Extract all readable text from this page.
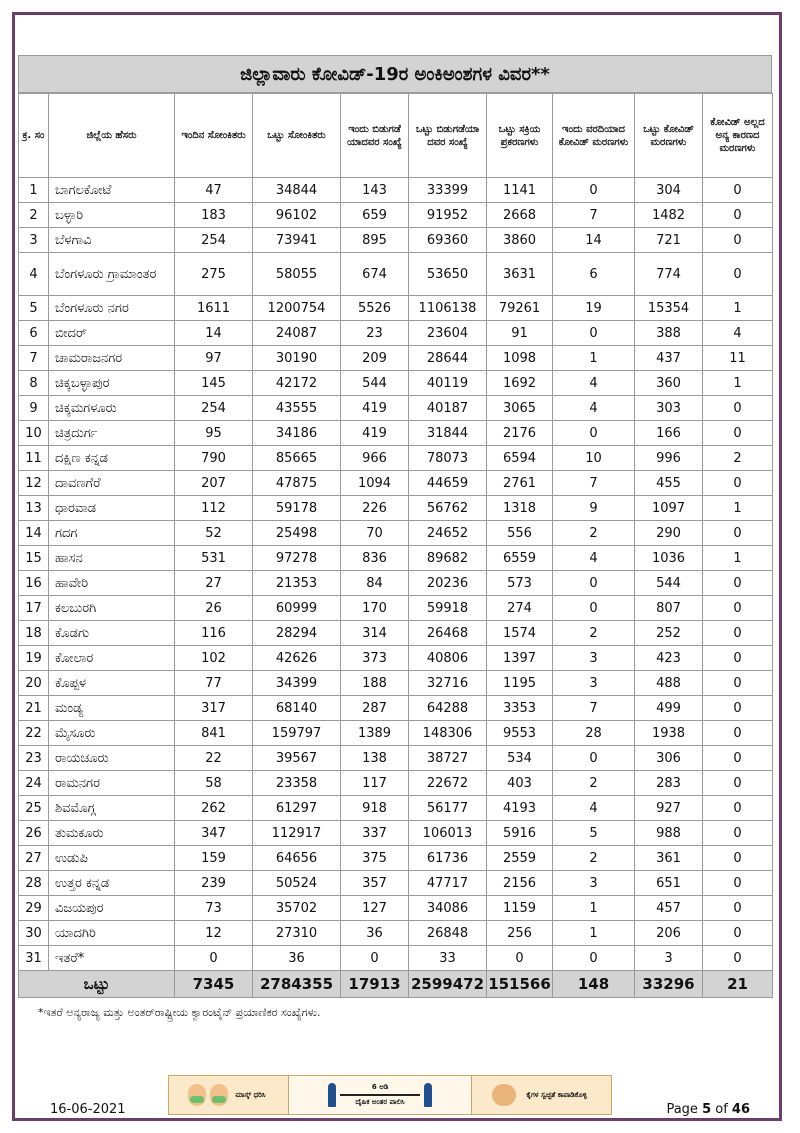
ಜಿಲ್ಲಾವಾರು ಕೋವಿಡ್-19ರ ಅಂಕಿಅಂಶಗಳ ವಿವರ**
ಕ್ರ. ಸಂ	ಜಿಲ್ಲೆಯ ಹೆಸರು	ಇಂದಿನ ಸೋಂಕಿತರು	ಒಟ್ಟು ಸೋಂಕಿತರು	ಇಂದು ಬಿಡುಗಡೆ ಯಾದವರ ಸಂಖ್ಯೆ	ಒಟ್ಟು ಬಿಡುಗಡೆಯಾ ದವರ ಸಂಖ್ಯೆ	ಒಟ್ಟು ಸಕ್ರಿಯ ಪ್ರಕರಣಗಳು	ಇಂದು ವರದಿಯಾದ ಕೋವಿಡ್ ಮರಣಗಳು	ಒಟ್ಟು ಕೋವಿಡ್ ಮರಣಗಳು	ಕೋವಿಡ್ ಅಲ್ಲದ ಅನ್ಯ ಕಾರಣದ ಮರಣಗಳು
1	ಬಾಗಲಕೋಟೆ	47	34844	143	33399	1141	0	304	0
2	ಬಳ್ಳಾರಿ	183	96102	659	91952	2668	7	1482	0
3	ಬೆಳಗಾವಿ	254	73941	895	69360	3860	14	721	0
4	ಬೆಂಗಳೂರು ಗ್ರಾಮಾಂತರ	275	58055	674	53650	3631	6	774	0
5	ಬೆಂಗಳೂರು ನಗರ	1611	1200754	5526	1106138	79261	19	15354	1
6	ಬೀದರ್	14	24087	23	23604	91	0	388	4
7	ಚಾಮರಾಜನಗರ	97	30190	209	28644	1098	1	437	11
8	ಚಿಕ್ಕಬಳ್ಳಾಪುರ	145	42172	544	40119	1692	4	360	1
9	ಚಿಕ್ಕಮಗಳೂರು	254	43555	419	40187	3065	4	303	0
10	ಚಿತ್ರದುರ್ಗ	95	34186	419	31844	2176	0	166	0
11	ದಕ್ಷಿಣ ಕನ್ನಡ	790	85665	966	78073	6594	10	996	2
12	ದಾವಣಗೆರೆ	207	47875	1094	44659	2761	7	455	0
13	ಧಾರವಾಡ	112	59178	226	56762	1318	9	1097	1
14	ಗದಗ	52	25498	70	24652	556	2	290	0
15	ಹಾಸನ	531	97278	836	89682	6559	4	1036	1
16	ಹಾವೇರಿ	27	21353	84	20236	573	0	544	0
17	ಕಲಬುರಗಿ	26	60999	170	59918	274	0	807	0
18	ಕೊಡಗು	116	28294	314	26468	1574	2	252	0
19	ಕೋಲಾರ	102	42626	373	40806	1397	3	423	0
20	ಕೊಪ್ಪಳ	77	34399	188	32716	1195	3	488	0
21	ಮಂಡ್ಯ	317	68140	287	64288	3353	7	499	0
22	ಮೈಸೂರು	841	159797	1389	148306	9553	28	1938	0
23	ರಾಯಚೂರು	22	39567	138	38727	534	0	306	0
24	ರಾಮನಗರ	58	23358	117	22672	403	2	283	0
25	ಶಿವಮೊಗ್ಗ	262	61297	918	56177	4193	4	927	0
26	ತುಮಕೂರು	347	112917	337	106013	5916	5	988	0
27	ಉಡುಪಿ	159	64656	375	61736	2559	2	361	0
28	ಉತ್ತರ ಕನ್ನಡ	239	50524	357	47717	2156	3	651	0
29	ವಿಜಯಪುರ	73	35702	127	34086	1159	1	457	0
30	ಯಾದಗಿರಿ	12	27310	36	26848	256	1	206	0
31	ಇತರೆ*	0	36	0	33	0	0	3	0
ಒಟ್ಟು		7345	2784355	17913	2599472	151566	148	33296	21
*ಇತರೆ ಅನ್ಯರಾಜ್ಯ ಮತ್ತು ಅಂತರ್‌ರಾಷ್ಟ್ರೀಯ ಕ್ವಾರಂಟೈನ್ ಪ್ರಯಾಣಿಕರ ಸಂಖ್ಯೆಗಳು.
ಮಾಸ್ಕ್ ಧರಿಸಿ
6 ಅಡಿ
ದೈಹಿಕ ಅಂತರ ಪಾಲಿಸಿ
ಕೈಗಳ ಸ್ವಚ್ಛತೆ ಕಾಪಾಡಿಕೊಳ್ಳಿ
16-06-2021	Page 5 of 46
